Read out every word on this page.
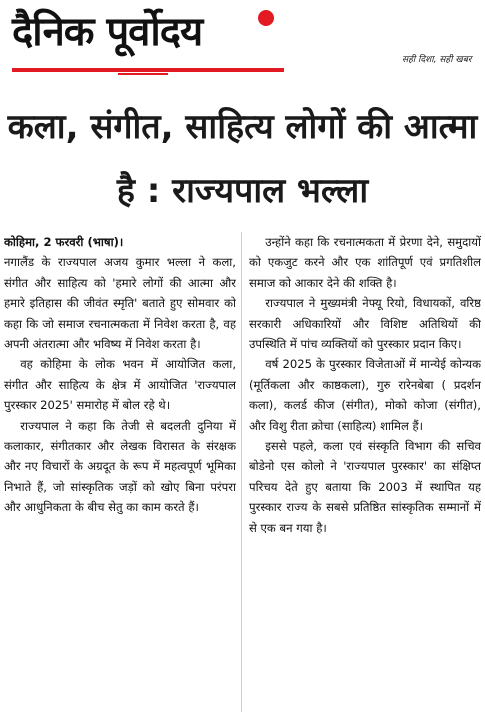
दैनिक पूर्वोदय
सही दिशा, सही खबर
कला, संगीत, साहित्य लोगों की आत्मा है : राज्यपाल भल्ला

कोहिमा, 2 फरवरी (भाषा)।
नगालैंड के राज्यपाल अजय कुमार भल्ला ने कला, संगीत और साहित्य को 'हमारे लोगों की आत्मा और हमारे इतिहास की जीवंत स्मृति' बताते हुए सोमवार को कहा कि जो समाज रचनात्मकता में निवेश करता है, वह अपनी अंतरात्मा और भविष्य में निवेश करता है।

वह कोहिमा के लोक भवन में आयोजित कला, संगीत और साहित्य के क्षेत्र में आयोजित 'राज्यपाल पुरस्कार 2025' समारोह में बोल रहे थे।

राज्यपाल ने कहा कि तेजी से बदलती दुनिया में कलाकार, संगीतकार और लेखक विरासत के संरक्षक और नए विचारों के अग्रदूत के रूप में महत्वपूर्ण भूमिका निभाते हैं, जो सांस्कृतिक जड़ों को खोए बिना परंपरा और आधुनिकता के बीच सेतु का काम करते हैं।

उन्होंने कहा कि रचनात्मकता में प्रेरणा देने, समुदायों को एकजुट करने और एक शांतिपूर्ण एवं प्रगतिशील समाज को आकार देने की शक्ति है।

राज्यपाल ने मुख्यमंत्री नेफ्यू रियो, विधायकों, वरिष्ठ सरकारी अधिकारियों और विशिष्ट अतिथियों की उपस्थिति में पांच व्यक्तियों को पुरस्कार प्रदान किए।

वर्ष 2025 के पुरस्कार विजेताओं में मान्येई कोन्यक (मूर्तिकला और काष्ठकला), गुरु रारेनबेबा ( प्रदर्शन कला), कलर्ड कीज (संगीत), मोको कोजा (संगीत), और विशु रीता क्रोचा (साहित्य) शामिल हैं।

इससे पहले, कला एवं संस्कृति विभाग की सचिव बोडेनो एस कोलो ने 'राज्यपाल पुरस्कार' का संक्षिप्त परिचय देते हुए बताया कि 2003 में स्थापित यह पुरस्कार राज्य के सबसे प्रतिष्ठित सांस्कृतिक सम्मानों में से एक बन गया है।
